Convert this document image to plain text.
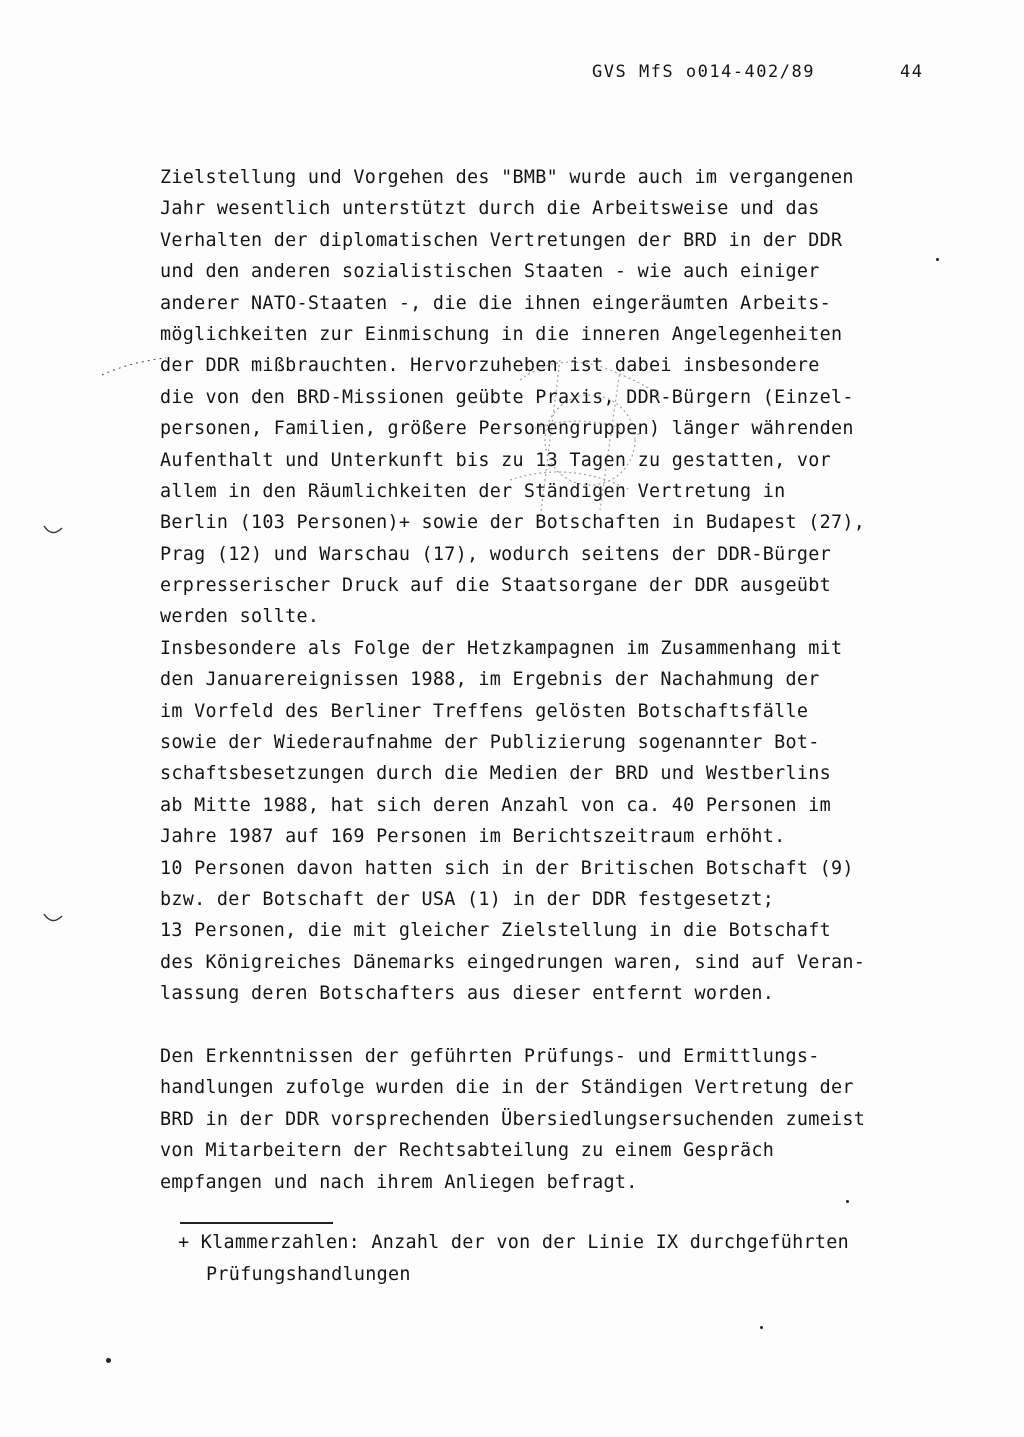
GVS MfS o014-402/89	44
Zielstellung und Vorgehen des "BMB" wurde auch im vergangenen
Jahr wesentlich unterstützt durch die Arbeitsweise und das
Verhalten der diplomatischen Vertretungen der BRD in der DDR
und den anderen sozialistischen Staaten - wie auch einiger
anderer NATO-Staaten -, die die ihnen eingeräumten Arbeits-
möglichkeiten zur Einmischung in die inneren Angelegenheiten
der DDR mißbrauchten. Hervorzuheben ist dabei insbesondere
die von den BRD-Missionen geübte Praxis, DDR-Bürgern (Einzel-
personen, Familien, größere Personengruppen) länger währenden
Aufenthalt und Unterkunft bis zu 13 Tagen zu gestatten, vor
allem in den Räumlichkeiten der Ständigen Vertretung in
Berlin (103 Personen)+ sowie der Botschaften in Budapest (27),
Prag (12) und Warschau (17), wodurch seitens der DDR-Bürger
erpresserischer Druck auf die Staatsorgane der DDR ausgeübt
werden sollte.
Insbesondere als Folge der Hetzkampagnen im Zusammenhang mit
den Januarereignissen 1988, im Ergebnis der Nachahmung der
im Vorfeld des Berliner Treffens gelösten Botschaftsfälle
sowie der Wiederaufnahme der Publizierung sogenannter Bot-
schaftsbesetzungen durch die Medien der BRD und Westberlins
ab Mitte 1988, hat sich deren Anzahl von ca. 40 Personen im
Jahre 1987 auf 169 Personen im Berichtszeitraum erhöht.
10 Personen davon hatten sich in der Britischen Botschaft (9)
bzw. der Botschaft der USA (1) in der DDR festgesetzt;
13 Personen, die mit gleicher Zielstellung in die Botschaft
des Königreiches Dänemarks eingedrungen waren, sind auf Veran-
lassung deren Botschafters aus dieser entfernt worden.
Den Erkenntnissen der geführten Prüfungs- und Ermittlungs-
handlungen zufolge wurden die in der Ständigen Vertretung der
BRD in der DDR vorsprechenden Übersiedlungsersuchenden zumeist
von Mitarbeitern der Rechtsabteilung zu einem Gespräch
empfangen und nach ihrem Anliegen befragt.
+ Klammerzahlen: Anzahl der von der Linie IX durchgeführten
Prüfungshandlungen
